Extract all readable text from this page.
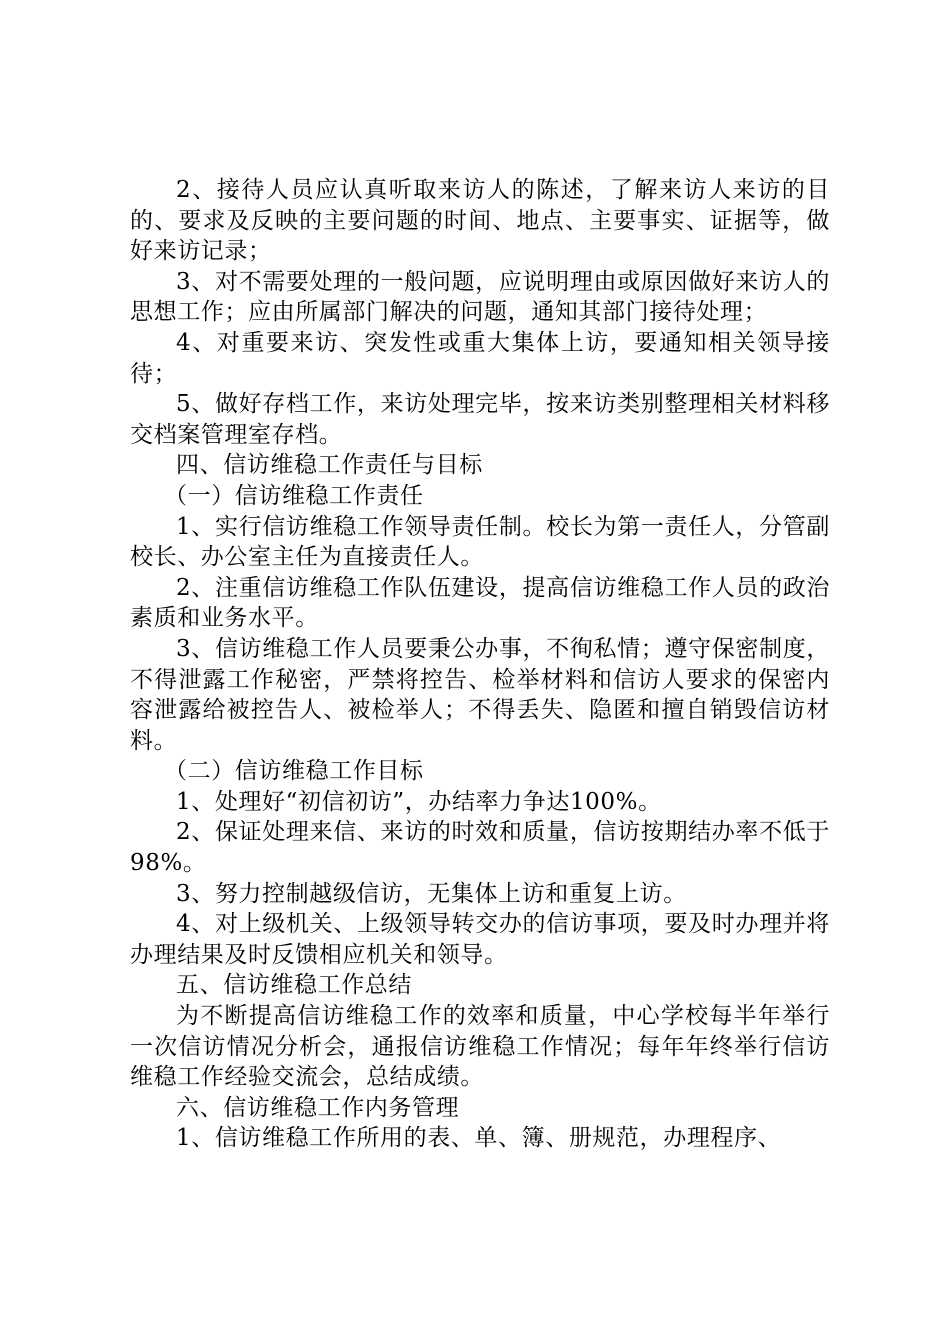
2、接待人员应认真听取来访人的陈述，了解来访人来访的目的、要求及反映的主要问题的时间、地点、主要事实、证据等，做好来访记录；

3、对不需要处理的一般问题，应说明理由或原因做好来访人的思想工作；应由所属部门解决的问题，通知其部门接待处理；

4、对重要来访、突发性或重大集体上访，要通知相关领导接待；

5、做好存档工作，来访处理完毕，按来访类别整理相关材料移交档案管理室存档。

四、信访维稳工作责任与目标

（一）信访维稳工作责任

1、实行信访维稳工作领导责任制。校长为第一责任人，分管副校长、办公室主任为直接责任人。

2、注重信访维稳工作队伍建设，提高信访维稳工作人员的政治素质和业务水平。

3、信访维稳工作人员要秉公办事，不徇私情；遵守保密制度，不得泄露工作秘密，严禁将控告、检举材料和信访人要求的保密内容泄露给被控告人、被检举人；不得丢失、隐匿和擅自销毁信访材料。

（二）信访维稳工作目标

1、处理好“初信初访”，办结率力争达100%。

2、保证处理来信、来访的时效和质量，信访按期结办率不低于98%。

3、努力控制越级信访，无集体上访和重复上访。

4、对上级机关、上级领导转交办的信访事项，要及时办理并将办理结果及时反馈相应机关和领导。

五、信访维稳工作总结

为不断提高信访维稳工作的效率和质量，中心学校每半年举行一次信访情况分析会，通报信访维稳工作情况；每年年终举行信访维稳工作经验交流会，总结成绩。

六、信访维稳工作内务管理

1、信访维稳工作所用的表、单、簿、册规范，办理程序、
